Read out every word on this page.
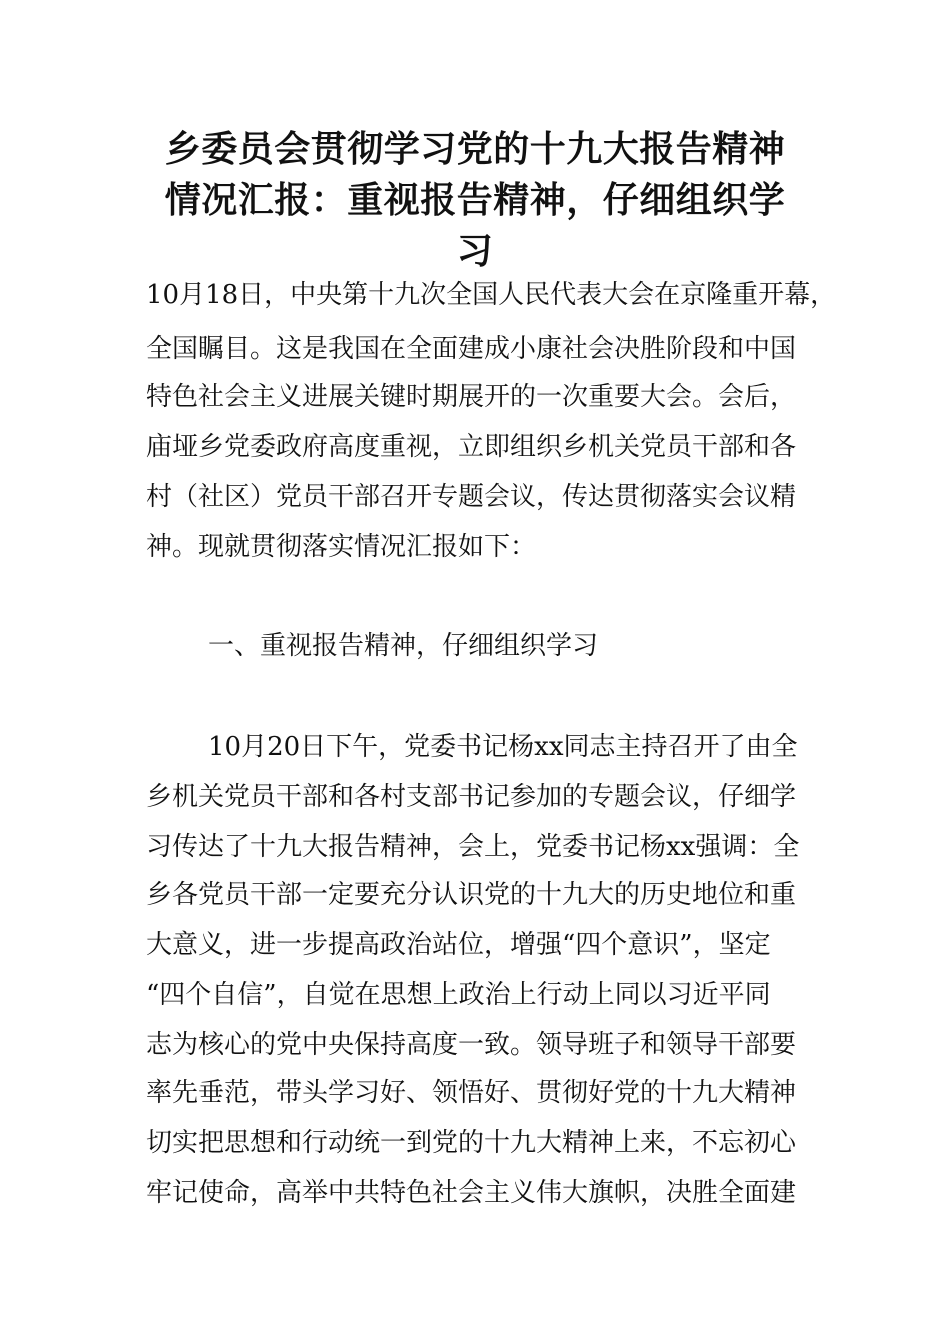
乡委员会贯彻学习党的十九大报告精神
情况汇报：重视报告精神，仔细组织学
习
10月18日，中央第十九次全国人民代表大会在京隆重开幕，
全国瞩目。这是我国在全面建成小康社会决胜阶段和中国
特色社会主义进展关键时期展开的一次重要大会。会后，
庙垭乡党委政府高度重视，立即组织乡机关党员干部和各
村（社区）党员干部召开专题会议，传达贯彻落实会议精
神。现就贯彻落实情况汇报如下：
一、重视报告精神，仔细组织学习
10月20日下午，党委书记杨xx同志主持召开了由全
乡机关党员干部和各村支部书记参加的专题会议，仔细学
习传达了十九大报告精神，会上，党委书记杨xx强调：全
乡各党员干部一定要充分认识党的十九大的历史地位和重
大意义，进一步提高政治站位，增强“四个意识”，坚定
“四个自信”，自觉在思想上政治上行动上同以习近平同
志为核心的党中央保持高度一致。领导班子和领导干部要
率先垂范，带头学习好、领悟好、贯彻好党的十九大精神
切实把思想和行动统一到党的十九大精神上来，不忘初心
牢记使命，高举中共特色社会主义伟大旗帜，决胜全面建
